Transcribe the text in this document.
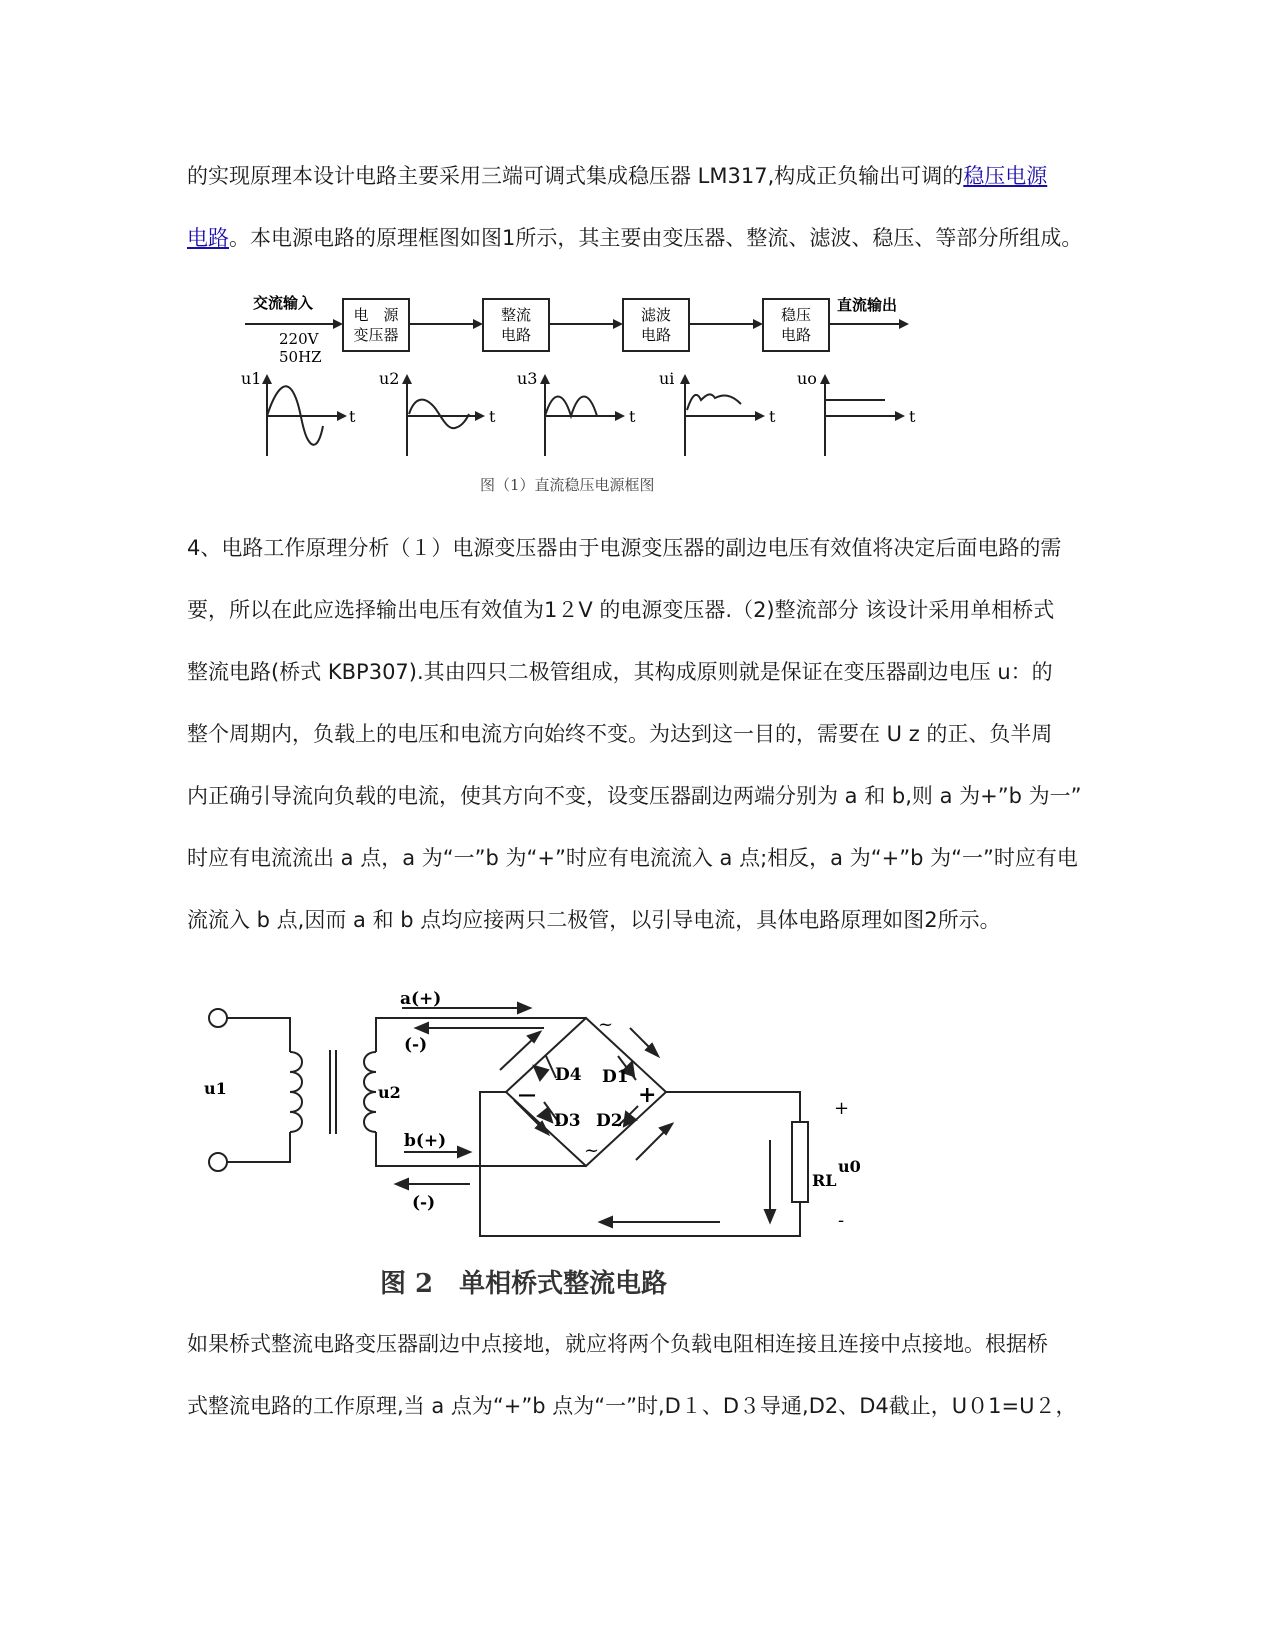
的实现原理本设计电路主要采用三端可调式集成稳压器 LM317,构成正负输出可调的稳压电源
电路。本电源电路的原理框图如图1所示，其主要由变压器、整流、滤波、稳压、等部分所组成。
交流输入
220V
50HZ
电　源
变压器
整流
电路
滤波
电路
稳压
电路
直流输出
u1
t
u2
t
u3
t
ui
t
uo
t
图（1）直流稳压电源框图
4、电路工作原理分析（１）电源变压器由于电源变压器的副边电压有效值将决定后面电路的需
要，所以在此应选择输出电压有效值为1２V 的电源变压器.（2)整流部分 该设计采用单相桥式
整流电路(桥式 KBP307).其由四只二极管组成，其构成原则就是保证在变压器副边电压 u：的
整个周期内，负载上的电压和电流方向始终不变。为达到这一目的，需要在 U z 的正、负半周
内正确引导流向负载的电流，使其方向不变，设变压器副边两端分别为 a 和 b,则 a 为+”b 为一”
时应有电流流出 a 点，a 为“一”b 为“+”时应有电流流入 a 点;相反，a 为“+”b 为“一”时应有电
流流入 b 点,因而 a 和 b 点均应接两只二极管，以引导电流，具体电路原理如图2所示。
a(+)
(-)
b(+)
(-)
u1	u2
D4 D1
D3 D2
—	+
~
~
+
-
u0
RL
图 2　单相桥式整流电路
如果桥式整流电路变压器副边中点接地，就应将两个负载电阻相连接且连接中点接地。根据桥
式整流电路的工作原理,当 a 点为“+”b 点为“一”时,D１、D３导通,D2、D4截止，U０1=U２，
